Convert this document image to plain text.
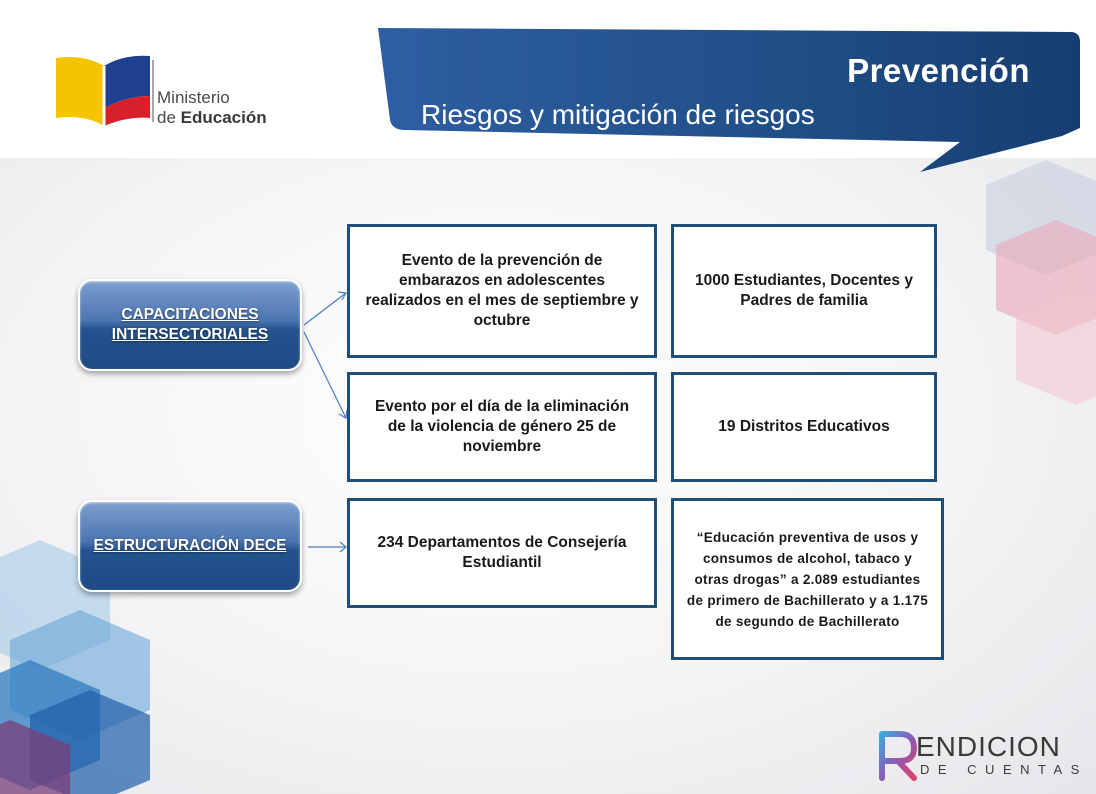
Prevención
Riesgos y mitigación de riesgos
Ministerio
de Educación
CAPACITACIONES INTERSECTORIALES
ESTRUCTURACIÓN DECE
Evento de la prevención de embarazos en adolescentes realizados en el mes de septiembre y octubre
1000 Estudiantes, Docentes y Padres de familia
Evento por el día de la eliminación de la violencia de género 25 de noviembre
19 Distritos Educativos
234 Departamentos de Consejería Estudiantil
“Educación preventiva de usos y consumos de alcohol, tabaco y otras drogas” a 2.089 estudiantes de primero de Bachillerato y a 1.175 de segundo de Bachillerato
ENDICION
DE CUENTAS
